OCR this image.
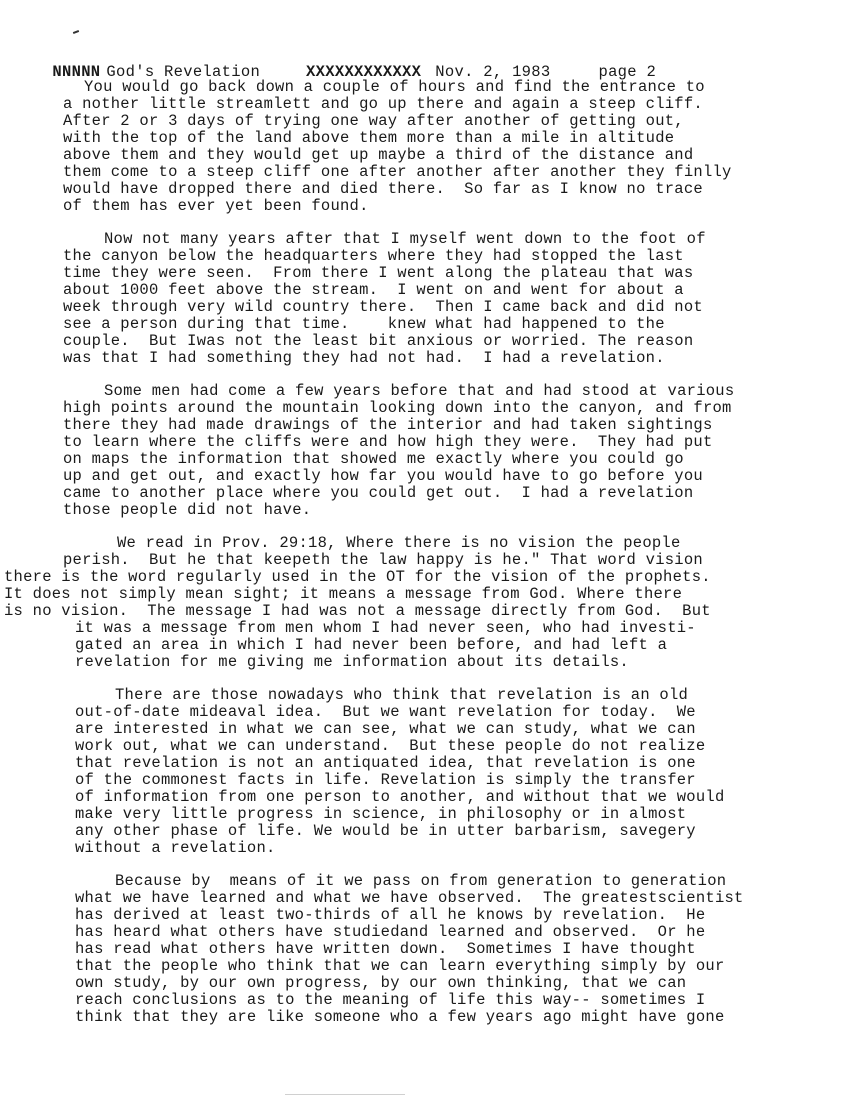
NNNNN God's Revelation	XXXXXXXXXXXX Nov. 2, 1983	page 2

You would go back down a couple of hours and find the entrance to
a nother little streamlett and go up there and again a steep cliff.
After 2 or 3 days of trying one way after another of getting out,
with the top of the land above them more than a mile in altitude
above them and they would get up maybe a third of the distance and
them come to a steep cliff one after another after another they finlly
would have dropped there and died there.  So far as I know no trace
of them has ever yet been found.
Now not many years after that I myself went down to the foot of
the canyon below the headquarters where they had stopped the last
time they were seen.  From there I went along the plateau that was
about 1000 feet above the stream.  I went on and went for about a
week through very wild country there.  Then I came back and did not
see a person during that time.    knew what had happened to the
couple.  But Iwas not the least bit anxious or worried. The reason
was that I had something they had not had.  I had a revelation.
Some men had come a few years before that and had stood at various
high points around the mountain looking down into the canyon, and from
there they had made drawings of the interior and had taken sightings
to learn where the cliffs were and how high they were.  They had put
on maps the information that showed me exactly where you could go
up and get out, and exactly how far you would have to go before you
came to another place where you could get out.  I had a revelation
those people did not have.
We read in Prov. 29:18, Where there is no vision the people
perish.  But he that keepeth the law happy is he." That word vision
there is the word regularly used in the OT for the vision of the prophets.
It does not simply mean sight; it means a message from God. Where there
is no vision.  The message I had was not a message directly from God.  But
it was a message from men whom I had never seen, who had investi-
gated an area in which I had never been before, and had left a
revelation for me giving me information about its details.
There are those nowadays who think that revelation is an old
out-of-date mideaval idea.  But we want revelation for today.  We
are interested in what we can see, what we can study, what we can
work out, what we can understand.  But these people do not realize
that revelation is not an antiquated idea, that revelation is one
of the commonest facts in life. Revelation is simply the transfer
of information from one person to another, and without that we would
make very little progress in science, in philosophy or in almost
any other phase of life. We would be in utter barbarism, savegery
without a revelation.
Because by  means of it we pass on from generation to generation
what we have learned and what we have observed.  The greatestscientist
has derived at least two-thirds of all he knows by revelation.  He
has heard what others have studiedand learned and observed.  Or he
has read what others have written down.  Sometimes I have thought
that the people who think that we can learn everything simply by our
own study, by our own progress, by our own thinking, that we can
reach conclusions as to the meaning of life this way-- sometimes I
think that they are like someone who a few years ago might have gone
